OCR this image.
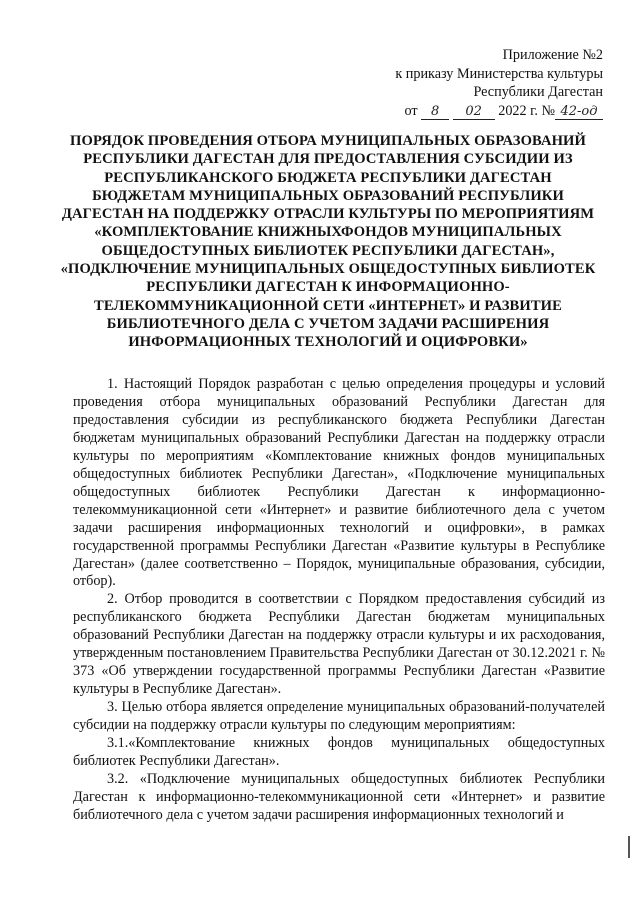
Приложение №2
к приказу Министерства культуры
Республики Дагестан
от 8 02 2022 г. № 42-од
ПОРЯДОК ПРОВЕДЕНИЯ ОТБОРА МУНИЦИПАЛЬНЫХ ОБРАЗОВАНИЙ РЕСПУБЛИКИ ДАГЕСТАН ДЛЯ ПРЕДОСТАВЛЕНИЯ СУБСИДИИ ИЗ РЕСПУБЛИКАНСКОГО БЮДЖЕТА РЕСПУБЛИКИ ДАГЕСТАН БЮДЖЕТАМ МУНИЦИПАЛЬНЫХ ОБРАЗОВАНИЙ РЕСПУБЛИКИ ДАГЕСТАН НА ПОДДЕРЖКУ ОТРАСЛИ КУЛЬТУРЫ ПО МЕРОПРИЯТИЯМ «КОМПЛЕКТОВАНИЕ КНИЖНЫХФОНДОВ МУНИЦИПАЛЬНЫХ ОБЩЕДОСТУПНЫХ БИБЛИОТЕК РЕСПУБЛИКИ ДАГЕСТАН», «ПОДКЛЮЧЕНИЕ МУНИЦИПАЛЬНЫХ ОБЩЕДОСТУПНЫХ БИБЛИОТЕК РЕСПУБЛИКИ ДАГЕСТАН К ИНФОРМАЦИОННО-ТЕЛЕКОММУНИКАЦИОННОЙ СЕТИ «ИНТЕРНЕТ» И РАЗВИТИЕ БИБЛИОТЕЧНОГО ДЕЛА С УЧЕТОМ ЗАДАЧИ РАСШИРЕНИЯ ИНФОРМАЦИОННЫХ ТЕХНОЛОГИЙ И ОЦИФРОВКИ»

1. Настоящий Порядок разработан с целью определения процедуры и условий проведения отбора муниципальных образований Республики Дагестан для предоставления субсидии из республиканского бюджета Республики Дагестан бюджетам муниципальных образований Республики Дагестан на поддержку отрасли культуры по мероприятиям «Комплектование книжных фондов муниципальных общедоступных библиотек Республики Дагестан», «Подключение муниципальных общедоступных библиотек Республики Дагестан к информационно-телекоммуникационной сети «Интернет» и развитие библиотечного дела с учетом задачи расширения информационных технологий и оцифровки», в рамках государственной программы Республики Дагестан «Развитие культуры в Республике Дагестан» (далее соответственно – Порядок, муниципальные образования, субсидии, отбор).

2. Отбор проводится в соответствии с Порядком предоставления субсидий из республиканского бюджета Республики Дагестан бюджетам муниципальных образований Республики Дагестан на поддержку отрасли культуры и их расходования, утвержденным постановлением Правительства Республики Дагестан от 30.12.2021 г. № 373 «Об утверждении государственной программы Республики Дагестан «Развитие культуры в Республике Дагестан».

3. Целью отбора является определение муниципальных образований-получателей субсидии на поддержку отрасли культуры по следующим мероприятиям:

3.1.«Комплектование книжных фондов муниципальных общедоступных библиотек Республики Дагестан».

3.2. «Подключение муниципальных общедоступных библиотек Республики Дагестан к информационно-телекоммуникационной сети «Интернет» и развитие библиотечного дела с учетом задачи расширения информационных технологий и
